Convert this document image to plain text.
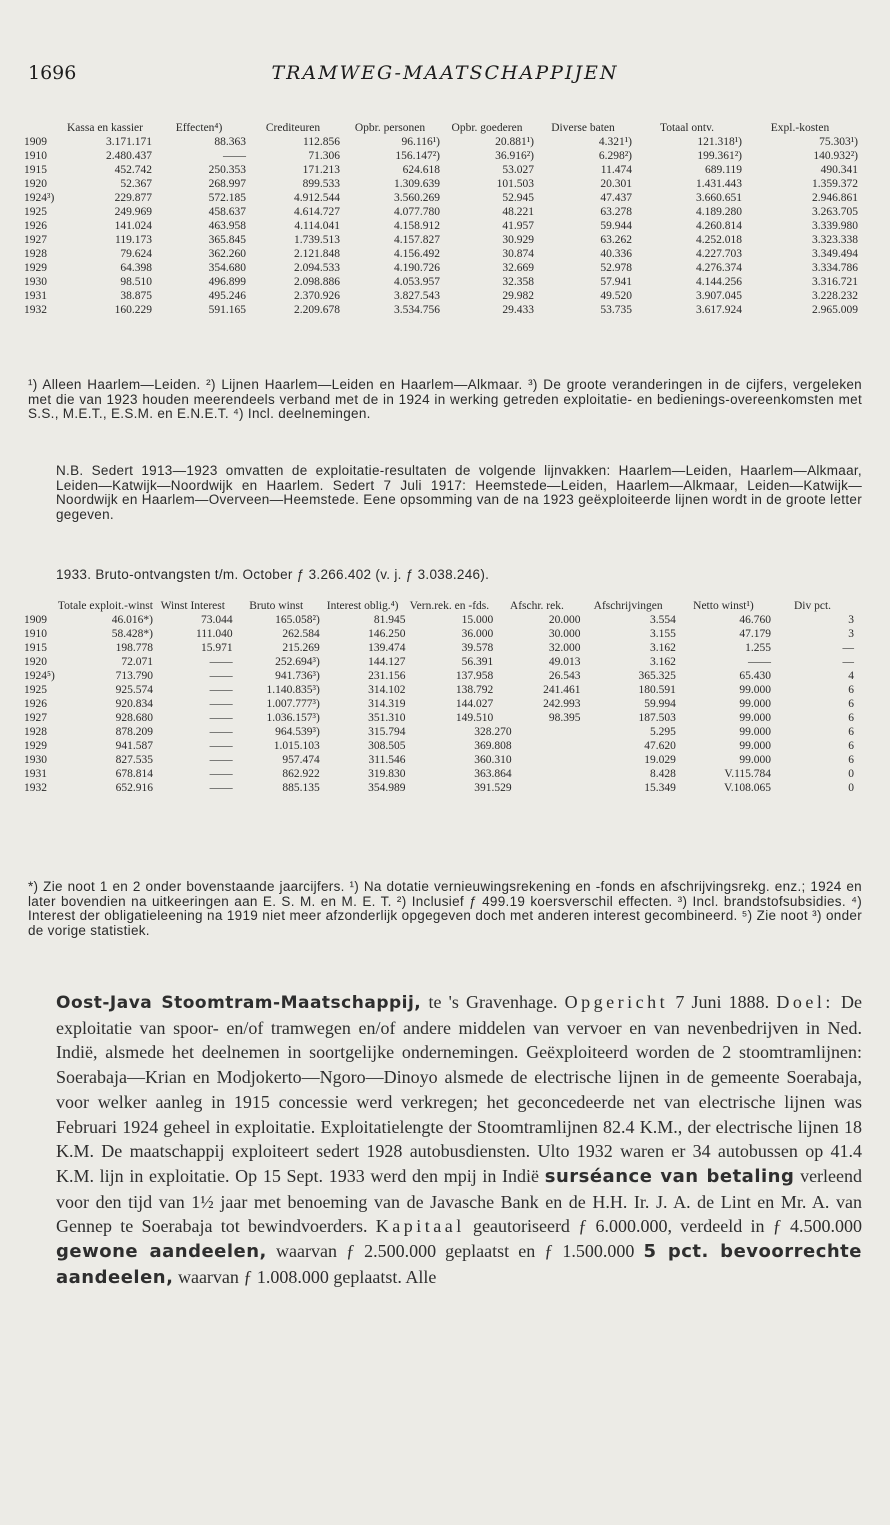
1696	TRAMWEG-MAATSCHAPPIJEN
	Kassa en kassier	Effecten⁴)	Crediteuren	Opbr. personen	Opbr. goederen	Diverse baten	Totaal ontv.	Expl.-kosten
1909	3.171.171	88.363	112.856	96.116¹)	20.881¹)	4.321¹)	121.318¹)	75.303¹)
1910	2.480.437	——	71.306	156.147²)	36.916²)	6.298²)	199.361²)	140.932²)
1915	452.742	250.353	171.213	624.618	53.027	11.474	689.119	490.341
1920	52.367	268.997	899.533	1.309.639	101.503	20.301	1.431.443	1.359.372
1924³)	229.877	572.185	4.912.544	3.560.269	52.945	47.437	3.660.651	2.946.861
1925	249.969	458.637	4.614.727	4.077.780	48.221	63.278	4.189.280	3.263.705
1926	141.024	463.958	4.114.041	4.158.912	41.957	59.944	4.260.814	3.339.980
1927	119.173	365.845	1.739.513	4.157.827	30.929	63.262	4.252.018	3.323.338
1928	79.624	362.260	2.121.848	4.156.492	30.874	40.336	4.227.703	3.349.494
1929	64.398	354.680	2.094.533	4.190.726	32.669	52.978	4.276.374	3.334.786
1930	98.510	496.899	2.098.886	4.053.957	32.358	57.941	4.144.256	3.316.721
1931	38.875	495.246	2.370.926	3.827.543	29.982	49.520	3.907.045	3.228.232
1932	160.229	591.165	2.209.678	3.534.756	29.433	53.735	3.617.924	2.965.009
¹) Alleen Haarlem—Leiden. ²) Lijnen Haarlem—Leiden en Haarlem—Alkmaar. ³) De groote veranderingen in de cijfers, vergeleken met die van 1923 houden meerendeels verband met de in 1924 in werking getreden exploitatie- en bedienings-overeenkomsten met S.S., M.E.T., E.S.M. en E.N.E.T. ⁴) Incl. deelnemingen.
N.B. Sedert 1913—1923 omvatten de exploitatie-resultaten de volgende lijnvakken: Haarlem—Leiden, Haarlem—Alkmaar, Leiden—Katwijk—Noordwijk en Haarlem. Sedert 7 Juli 1917: Heemstede—Leiden, Haarlem—Alkmaar, Leiden—Katwijk—Noordwijk en Haarlem—Overveen—Heemstede. Eene opsomming van de na 1923 geëxploiteerde lijnen wordt in de groote letter gegeven.
1933. Bruto-ontvangsten t/m. October ƒ 3.266.402 (v. j. ƒ 3.038.246).
	Totale exploit.-winst	Winst Interest	Bruto winst	Interest oblig.⁴)	Vern.rek. en -fds.	Afschr. rek.	Afschrijvingen	Netto winst¹)	Div pct.
1909	46.016*)	73.044	165.058²)	81.945	15.000	20.000	3.554	46.760	3
1910	58.428*)	111.040	262.584	146.250	36.000	30.000	3.155	47.179	3
1915	198.778	15.971	215.269	139.474	39.578	32.000	3.162	1.255	—
1920	72.071	——	252.694³)	144.127	56.391	49.013	3.162	——	—
1924⁵)	713.790	——	941.736³)	231.156	137.958	26.543	365.325	65.430	4
1925	925.574	——	1.140.835³)	314.102	138.792	241.461	180.591	99.000	6
1926	920.834	——	1.007.777³)	314.319	144.027	242.993	59.994	99.000	6
1927	928.680	——	1.036.157³)	351.310	149.510	98.395	187.503	99.000	6
1928	878.209	——	964.539³)	315.794	328.270		5.295	99.000	6
1929	941.587	——	1.015.103	308.505	369.808		47.620	99.000	6
1930	827.535	——	957.474	311.546	360.310		19.029	99.000	6
1931	678.814	——	862.922	319.830	363.864		8.428	V.115.784	0
1932	652.916	——	885.135	354.989	391.529		15.349	V.108.065	0
*) Zie noot 1 en 2 onder bovenstaande jaarcijfers. ¹) Na dotatie vernieuwingsrekening en -fonds en afschrijvingsrekg. enz.; 1924 en later bovendien na uitkeeringen aan E. S. M. en M. E. T. ²) Inclusief ƒ 499.19 koersverschil effecten. ³) Incl. brandstofsubsidies. ⁴) Interest der obligatieleening na 1919 niet meer afzonderlijk opgegeven doch met anderen interest gecombineerd. ⁵) Zie noot ³) onder de vorige statistiek.
Oost-Java Stoomtram-Maatschappij, te 's Gravenhage. Opgericht 7 Juni 1888. Doel: De exploitatie van spoor- en/of tramwegen en/of andere middelen van vervoer en van nevenbedrijven in Ned. Indië, alsmede het deelnemen in soortgelijke ondernemingen. Geëxploiteerd worden de 2 stoomtramlijnen: Soerabaja—Krian en Modjokerto—Ngoro—Dinoyo alsmede de electrische lijnen in de gemeente Soerabaja, voor welker aanleg in 1915 concessie werd verkregen; het geconcedeerde net van electrische lijnen was Februari 1924 geheel in exploitatie. Exploitatielengte der Stoomtramlijnen 82.4 K.M., der electrische lijnen 18 K.M. De maatschappij exploiteert sedert 1928 autobusdiensten. Ulto 1932 waren er 34 autobussen op 41.4 K.M. lijn in exploitatie. Op 15 Sept. 1933 werd den mpij in Indië surséance van betaling verleend voor den tijd van 1½ jaar met benoeming van de Javasche Bank en de H.H. Ir. J. A. de Lint en Mr. A. van Gennep te Soerabaja tot bewindvoerders. Kapitaal geautoriseerd ƒ 6.000.000, verdeeld in ƒ 4.500.000 gewone aandeelen, waarvan ƒ 2.500.000 geplaatst en ƒ 1.500.000 5 pct. bevoorrechte aandeelen, waarvan ƒ 1.008.000 geplaatst. Alle
